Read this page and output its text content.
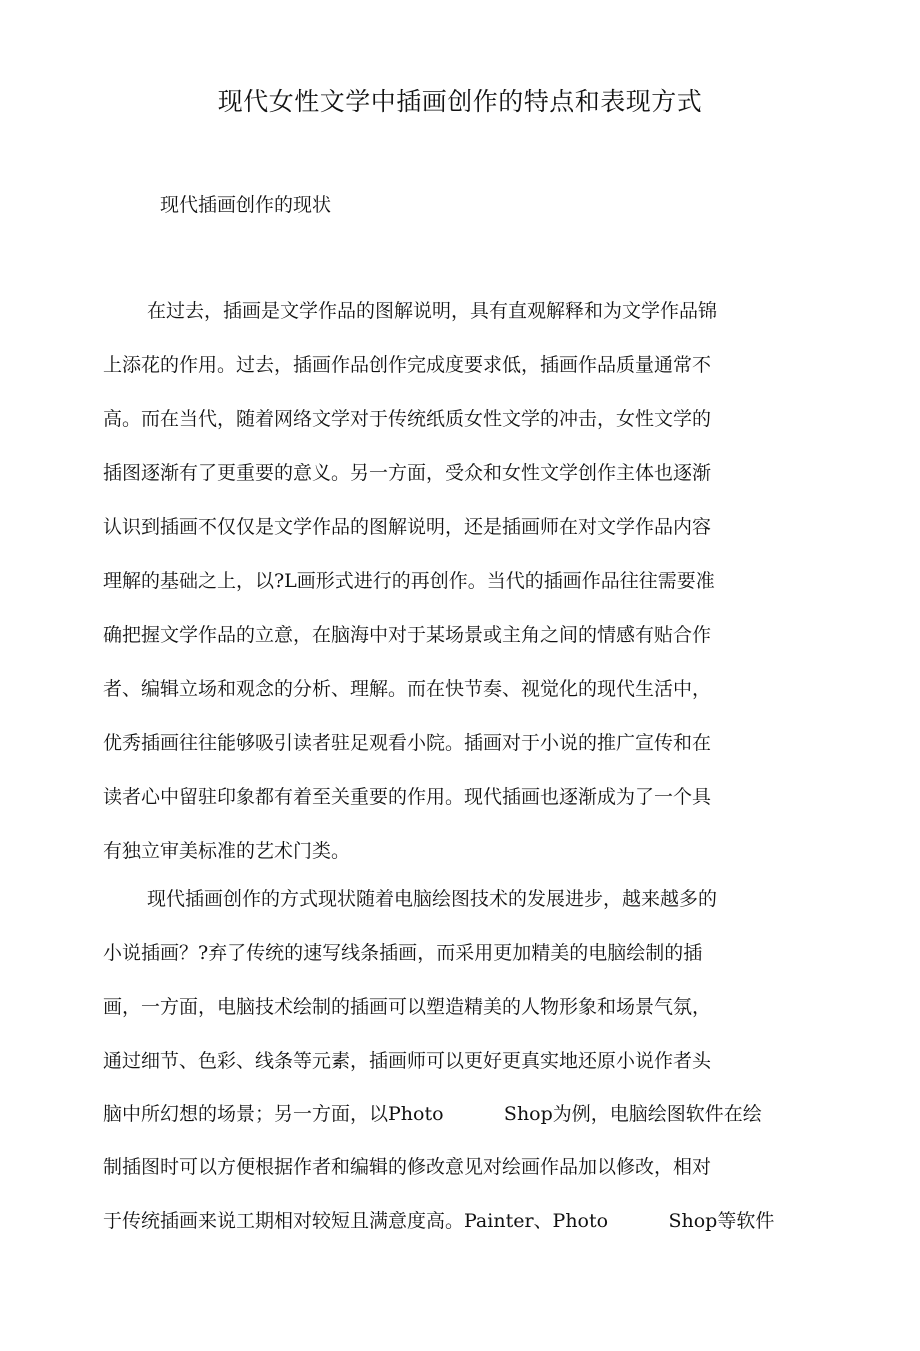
现代女性文学中插画创作的特点和表现方式
现代插画创作的现状

在过去，插画是文学作品的图解说明，具有直观解释和为文学作品锦

上添花的作用。过去，插画作品创作完成度要求低，插画作品质量通常不

高。而在当代，随着网络文学对于传统纸质女性文学的冲击，女性文学的

插图逐渐有了更重要的意义。另一方面，受众和女性文学创作主体也逐渐

认识到插画不仅仅是文学作品的图解说明，还是插画师在对文学作品内容

理解的基础之上，以?L画形式进行的再创作。当代的插画作品往往需要准

确把握文学作品的立意，在脑海中对于某场景或主角之间的情感有贴合作

者、编辑立场和观念的分析、理解。而在快节奏、视觉化的现代生活中，

优秀插画往往能够吸引读者驻足观看小院。插画对于小说的推广宣传和在

读者心中留驻印象都有着至关重要的作用。现代插画也逐渐成为了一个具

有独立审美标准的艺术门类。

现代插画创作的方式现状随着电脑绘图技术的发展进步，越来越多的

小说插画？?弃了传统的速写线条插画，而采用更加精美的电脑绘制的插

画，一方面，电脑技术绘制的插画可以塑造精美的人物形象和场景气氛，

通过细节、色彩、线条等元素，插画师可以更好更真实地还原小说作者头

脑中所幻想的场景；另一方面，以Photo          Shop为例，电脑绘图软件在绘

制插图时可以方便根据作者和编辑的修改意见对绘画作品加以修改，相对

于传统插画来说工期相对较短且满意度高。Painter、Photo          Shop等软件
